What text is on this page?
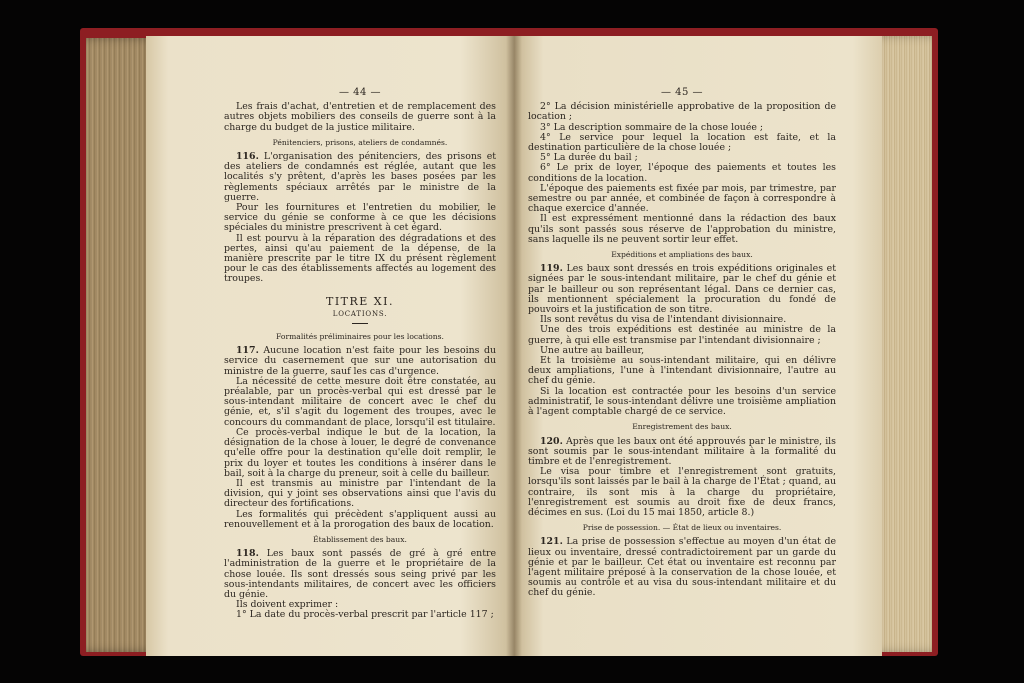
— 44 —

Les frais d'achat, d'entretien et de remplacement des autres objets mobiliers des conseils de guerre sont à la charge du budget de la justice militaire.

Pénitenciers, prisons, ateliers de condamnés.

116. L'organisation des pénitenciers, des prisons et des ateliers de condamnés est réglée, autant que les localités s'y prêtent, d'après les bases posées par les règlements spéciaux arrêtés par le ministre de la guerre.

Pour les fournitures et l'entretien du mobilier, le service du génie se conforme à ce que les décisions spéciales du ministre prescrivent à cet égard.

Il est pourvu à la réparation des dégradations et des pertes, ainsi qu'au paiement de la dépense, de la manière prescrite par le titre IX du présent règlement pour le cas des établissements affectés au logement des troupes.

TITRE XI.
LOCATIONS.
Formalités préliminaires pour les locations.

117. Aucune location n'est faite pour les besoins du service du casernement que sur une autorisation du ministre de la guerre, sauf les cas d'urgence.

La nécessité de cette mesure doit être constatée, au préalable, par un procès-verbal qui est dressé par le sous-intendant militaire de concert avec le chef du génie, et, s'il s'agit du logement des troupes, avec le concours du commandant de place, lorsqu'il est titulaire.

Ce procès-verbal indique le but de la location, la désignation de la chose à louer, le degré de convenance qu'elle offre pour la destination qu'elle doit remplir, le prix du loyer et toutes les conditions à insérer dans le bail, soit à la charge du preneur, soit à celle du bailleur.

Il est transmis au ministre par l'intendant de la division, qui y joint ses observations ainsi que l'avis du directeur des fortifications.

Les formalités qui précèdent s'appliquent aussi au renouvellement et à la prorogation des baux de location.

Établissement des baux.

118. Les baux sont passés de gré à gré entre l'administration de la guerre et le propriétaire de la chose louée. Ils sont dressés sous seing privé par les sous-intendants militaires, de concert avec les officiers du génie.

Ils doivent exprimer :

1° La date du procès-verbal prescrit par l'article 117 ;

— 45 —

2° La décision ministérielle approbative de la proposition de location ;

3° La description sommaire de la chose louée ;

4° Le service pour lequel la location est faite, et la destination particulière de la chose louée ;

5° La durée du bail ;

6° Le prix de loyer, l'époque des paiements et toutes les conditions de la location.

L'époque des paiements est fixée par mois, par trimestre, par semestre ou par année, et combinée de façon à correspondre à chaque exercice d'année.

Il est expressément mentionné dans la rédaction des baux qu'ils sont passés sous réserve de l'approbation du ministre, sans laquelle ils ne peuvent sortir leur effet.

Expéditions et ampliations des baux.

119. Les baux sont dressés en trois expéditions originales et signées par le sous-intendant militaire, par le chef du génie et par le bailleur ou son représentant légal. Dans ce dernier cas, ils mentionnent spécialement la procuration du fondé de pouvoirs et la justification de son titre.

Ils sont revêtus du visa de l'intendant divisionnaire.

Une des trois expéditions est destinée au ministre de la guerre, à qui elle est transmise par l'intendant divisionnaire ;

Une autre au bailleur,

Et la troisième au sous-intendant militaire, qui en délivre deux ampliations, l'une à l'intendant divisionnaire, l'autre au chef du génie.

Si la location est contractée pour les besoins d'un service administratif, le sous-intendant délivre une troisième ampliation à l'agent comptable chargé de ce service.

Enregistrement des baux.

120. Après que les baux ont été approuvés par le ministre, ils sont soumis par le sous-intendant militaire à la formalité du timbre et de l'enregistrement.

Le visa pour timbre et l'enregistrement sont gratuits, lorsqu'ils sont laissés par le bail à la charge de l'État ; quand, au contraire, ils sont mis à la charge du propriétaire, l'enregistrement est soumis au droit fixe de deux francs, décimes en sus. (Loi du 15 mai 1850, article 8.)

Prise de possession. — État de lieux ou inventaires.

121. La prise de possession s'effectue au moyen d'un état de lieux ou inventaire, dressé contradictoirement par un garde du génie et par le bailleur. Cet état ou inventaire est reconnu par l'agent militaire préposé à la conservation de la chose louée, et soumis au contrôle et au visa du sous-intendant militaire et du chef du génie.
